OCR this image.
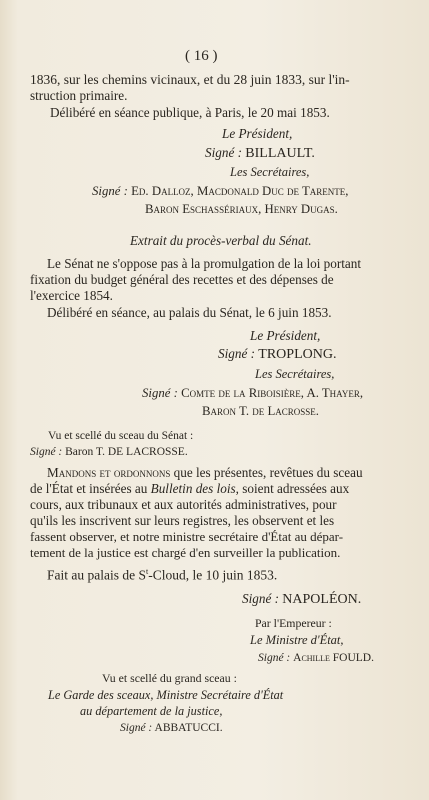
( 16 )
1836, sur les chemins vicinaux, et du 28 juin 1833, sur l'in-
struction primaire.
Délibéré en séance publique, à Paris, le 20 mai 1853.
Le Président,
Signé : BILLAULT.
Les Secrétaires,
Signé : Ed. Dalloz, Macdonald Duc de Tarente,
Baron Eschassériaux, Henry Dugas.
Extrait du procès-verbal du Sénat.
Le Sénat ne s'oppose pas à la promulgation de la loi portant
fixation du budget général des recettes et des dépenses de
l'exercice 1854.
Délibéré en séance, au palais du Sénat, le 6 juin 1853.
Le Président,
Signé : TROPLONG.
Les Secrétaires,
Signé : Comte de la Riboisière, A. Thayer,
Baron T. de Lacrosse.
Vu et scellé du sceau du Sénat :
Signé : Baron T. DE LACROSSE.
Mandons et ordonnons que les présentes, revêtues du sceau
de l'État et insérées au Bulletin des lois, soient adressées aux
cours, aux tribunaux et aux autorités administratives, pour
qu'ils les inscrivent sur leurs registres, les observent et les
fassent observer, et notre ministre secrétaire d'État au dépar-
tement de la justice est chargé d'en surveiller la publication.
Fait au palais de $S^t$-Cloud, le 10 juin 1853.
Signé : NAPOLÉON.
Par l'Empereur :
Le Ministre d'État,
Signé : Achille FOULD.
Vu et scellé du grand sceau :
Le Garde des sceaux, Ministre Secrétaire d'État
au département de la justice,
Signé : ABBATUCCI.
